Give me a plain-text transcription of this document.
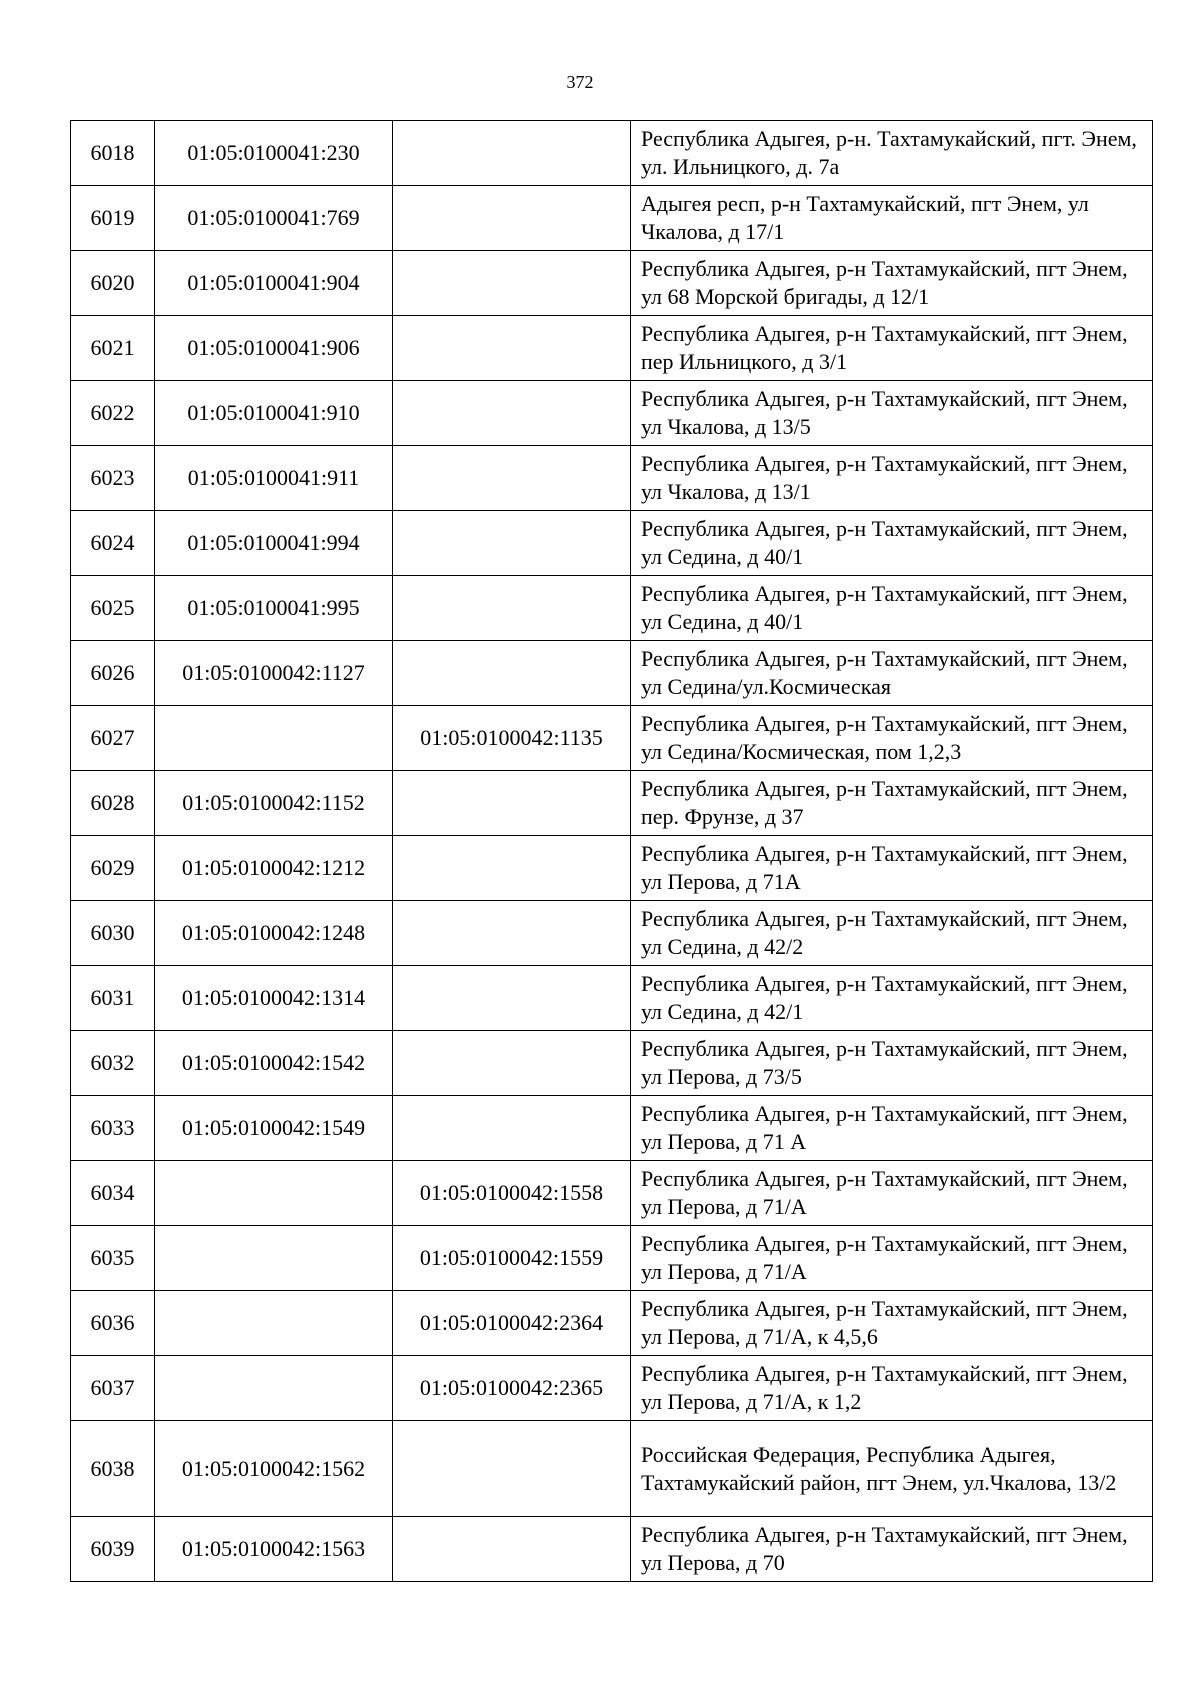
372
6018	01:05:0100041:230		Республика Адыгея, р-н. Тахтамукайский, пгт. Энем, ул. Ильницкого, д. 7а
6019	01:05:0100041:769		Адыгея респ, р-н Тахтамукайский, пгт Энем, ул Чкалова, д 17/1
6020	01:05:0100041:904		Республика Адыгея, р-н Тахтамукайский, пгт Энем, ул 68 Морской бригады, д 12/1
6021	01:05:0100041:906		Республика Адыгея, р-н Тахтамукайский, пгт Энем, пер Ильницкого, д 3/1
6022	01:05:0100041:910		Республика Адыгея, р-н Тахтамукайский, пгт Энем, ул Чкалова, д 13/5
6023	01:05:0100041:911		Республика Адыгея, р-н Тахтамукайский, пгт Энем, ул Чкалова, д 13/1
6024	01:05:0100041:994		Республика Адыгея, р-н Тахтамукайский, пгт Энем, ул Седина, д 40/1
6025	01:05:0100041:995		Республика Адыгея, р-н Тахтамукайский, пгт Энем, ул Седина, д 40/1
6026	01:05:0100042:1127		Республика Адыгея, р-н Тахтамукайский, пгт Энем, ул Седина/ул.Космическая
6027		01:05:0100042:1135	Республика Адыгея, р-н Тахтамукайский, пгт Энем, ул Седина/Космическая, пом 1,2,3
6028	01:05:0100042:1152		Республика Адыгея, р-н Тахтамукайский, пгт Энем, пер. Фрунзе, д 37
6029	01:05:0100042:1212		Республика Адыгея, р-н Тахтамукайский, пгт Энем, ул Перова, д 71А
6030	01:05:0100042:1248		Республика Адыгея, р-н Тахтамукайский, пгт Энем, ул Седина, д 42/2
6031	01:05:0100042:1314		Республика Адыгея, р-н Тахтамукайский, пгт Энем, ул Седина, д 42/1
6032	01:05:0100042:1542		Республика Адыгея, р-н Тахтамукайский, пгт Энем, ул Перова, д 73/5
6033	01:05:0100042:1549		Республика Адыгея, р-н Тахтамукайский, пгт Энем, ул Перова, д 71 А
6034		01:05:0100042:1558	Республика Адыгея, р-н Тахтамукайский, пгт Энем, ул Перова, д 71/А
6035		01:05:0100042:1559	Республика Адыгея, р-н Тахтамукайский, пгт Энем, ул Перова, д 71/А
6036		01:05:0100042:2364	Республика Адыгея, р-н Тахтамукайский, пгт Энем, ул Перова, д 71/А, к 4,5,6
6037		01:05:0100042:2365	Республика Адыгея, р-н Тахтамукайский, пгт Энем, ул Перова, д 71/А, к 1,2
6038	01:05:0100042:1562		Российская Федерация, Республика Адыгея, Тахтамукайский район, пгт Энем, ул.Чкалова, 13/2
6039	01:05:0100042:1563		Республика Адыгея, р-н Тахтамукайский, пгт Энем, ул Перова, д 70
